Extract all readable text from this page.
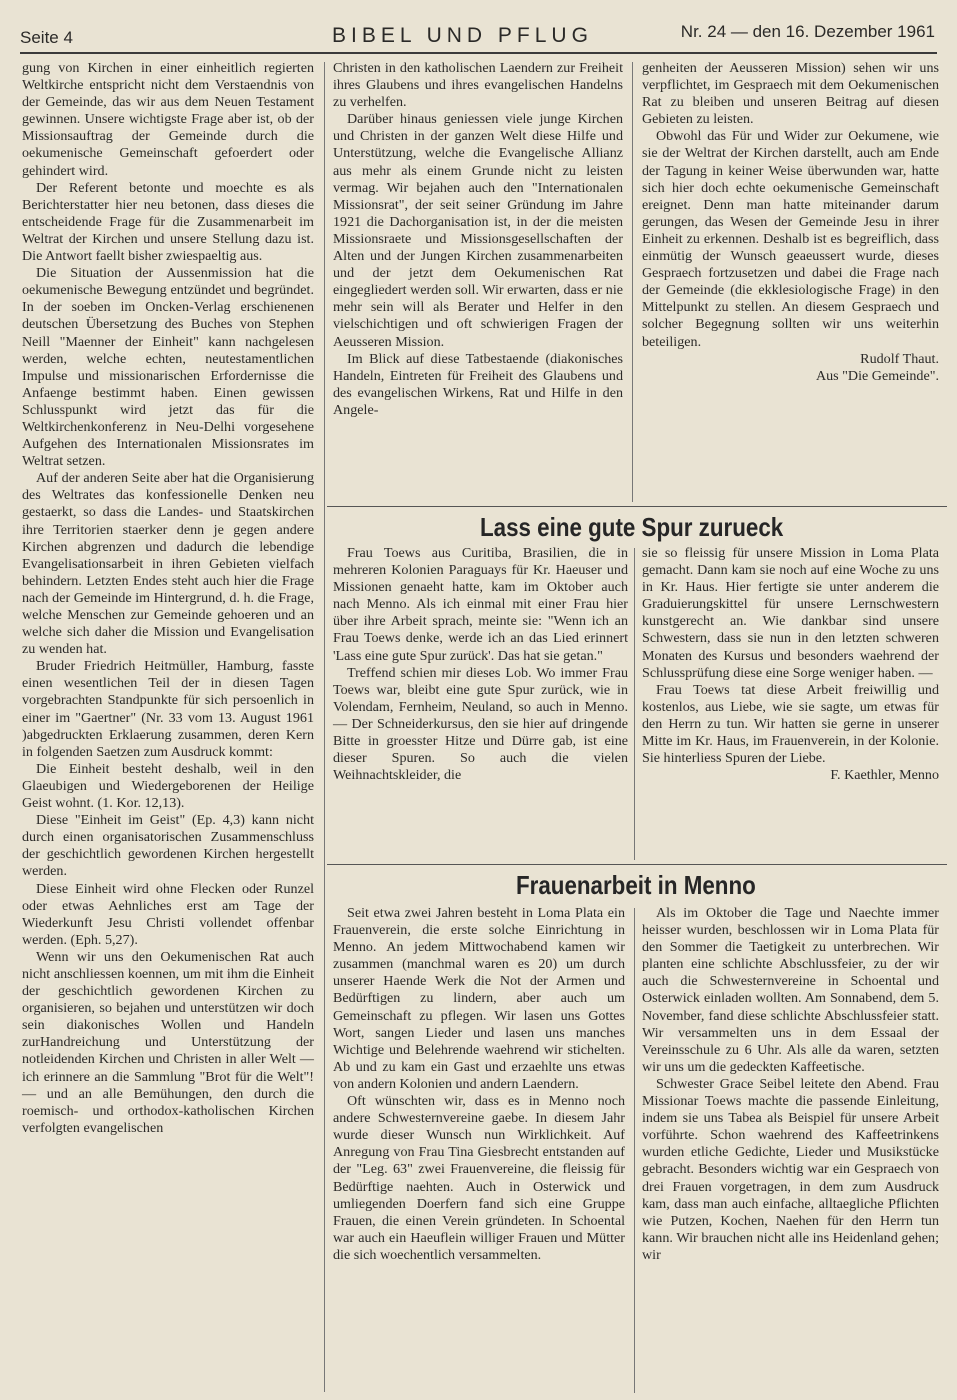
Seite 4	BIBEL UND PFLUG	Nr. 24 — den 16. Dezember 1961

gung von Kirchen in einer einheitlich regierten Weltkirche entspricht nicht dem Verstaendnis von der Gemeinde, das wir aus dem Neuen Testament gewinnen. Unsere wichtigste Frage aber ist, ob der Missionsauftrag der Gemeinde durch die oekumenische Gemeinschaft gefoerdert oder gehindert wird.

Der Referent betonte und moechte es als Berichterstatter hier neu betonen, dass dieses die entscheidende Frage für die Zusammenarbeit im Weltrat der Kirchen und unsere Stellung dazu ist. Die Antwort faellt bisher zwiespaeltig aus.

Die Situation der Aussenmission hat die oekumenische Bewegung entzündet und begründet. In der soeben im Oncken-Verlag erschienenen deutschen Übersetzung des Buches von Stephen Neill "Maenner der Einheit" kann nachgelesen werden, welche echten, neutestamentlichen Impulse und missionarischen Erfordernisse die Anfaenge bestimmt haben. Einen gewissen Schlusspunkt wird jetzt das für die Weltkirchenkonferenz in Neu-Delhi vorgesehene Aufgehen des Internationalen Missionsrates im Weltrat setzen.

Auf der anderen Seite aber hat die Organisierung des Weltrates das konfessionelle Denken neu gestaerkt, so dass die Landes- und Staatskirchen ihre Territorien staerker denn je gegen andere Kirchen abgrenzen und dadurch die lebendige Evangelisationsarbeit in ihren Gebieten vielfach behindern. Letzten Endes steht auch hier die Frage nach der Gemeinde im Hintergrund, d. h. die Frage, welche Menschen zur Gemeinde gehoeren und an welche sich daher die Mission und Evangelisation zu wenden hat.

Bruder Friedrich Heitmüller, Hamburg, fasste einen wesentlichen Teil der in diesen Tagen vorgebrachten Standpunkte für sich persoenlich in einer im "Gaertner" (Nr. 33 vom 13. August 1961 )abgedruckten Erklaerung zusammen, deren Kern in folgenden Saetzen zum Ausdruck kommt:

Die Einheit besteht deshalb, weil in den Glaeubigen und Wiedergeborenen der Heilige Geist wohnt. (1. Kor. 12,13).

Diese "Einheit im Geist" (Ep. 4,3) kann nicht durch einen organisatorischen Zusammenschluss der geschichtlich gewordenen Kirchen hergestellt werden.

Diese Einheit wird ohne Flecken oder Runzel oder etwas Aehnliches erst am Tage der Wiederkunft Jesu Christi vollendet offenbar werden. (Eph. 5,27).

Wenn wir uns den Oekumenischen Rat auch nicht anschliessen koennen, um mit ihm die Einheit der geschichtlich gewordenen Kirchen zu organisieren, so bejahen und unterstützen wir doch sein diakonisches Wollen und Handeln zurHandreichung und Unterstützung der notleidenden Kirchen und Christen in aller Welt — ich erinnere an die Sammlung "Brot für die Welt"! — und an alle Bemühungen, den durch die roemisch- und orthodox-katholischen Kirchen verfolgten evangelischen

Christen in den katholischen Laendern zur Freiheit ihres Glaubens und ihres evangelischen Handelns zu verhelfen.

Darüber hinaus geniessen viele junge Kirchen und Christen in der ganzen Welt diese Hilfe und Unterstützung, welche die Evangelische Allianz aus mehr als einem Grunde nicht zu leisten vermag. Wir bejahen auch den "Internationalen Missionsrat", der seit seiner Gründung im Jahre 1921 die Dachorganisation ist, in der die meisten Missionsraete und Missionsgesellschaften der Alten und der Jungen Kirchen zusammenarbeiten und der jetzt dem Oekumenischen Rat eingegliedert werden soll. Wir erwarten, dass er nie mehr sein will als Berater und Helfer in den vielschichtigen und oft schwierigen Fragen der Aeusseren Mission.

Im Blick auf diese Tatbestaende (diakonisches Handeln, Eintreten für Freiheit des Glaubens und des evangelischen Wirkens, Rat und Hilfe in den Angele-

genheiten der Aeusseren Mission) sehen wir uns verpflichtet, im Gespraech mit dem Oekumenischen Rat zu bleiben und unseren Beitrag auf diesen Gebieten zu leisten.

Obwohl das Für und Wider zur Oekumene, wie sie der Weltrat der Kirchen darstellt, auch am Ende der Tagung in keiner Weise überwunden war, hatte sich hier doch echte oekumenische Gemeinschaft ereignet. Denn man hatte miteinander darum gerungen, das Wesen der Gemeinde Jesu in ihrer Einheit zu erkennen. Deshalb ist es begreiflich, dass einmütig der Wunsch geaeussert wurde, dieses Gespraech fortzusetzen und dabei die Frage nach der Gemeinde (die ekklesiologische Frage) in den Mittelpunkt zu stellen. An diesem Gespraech und solcher Begegnung sollten wir uns weiterhin beteiligen.

Rudolf Thaut.

Aus "Die Gemeinde".

Lass eine gute Spur zurueck

Frau Toews aus Curitiba, Brasilien, die in mehreren Kolonien Paraguays für Kr. Haeuser und Missionen genaeht hatte, kam im Oktober auch nach Menno. Als ich einmal mit einer Frau hier über ihre Arbeit sprach, meinte sie: "Wenn ich an Frau Toews denke, werde ich an das Lied erinnert 'Lass eine gute Spur zurück'. Das hat sie getan."

Treffend schien mir dieses Lob. Wo immer Frau Toews war, bleibt eine gute Spur zurück, wie in Volendam, Fernheim, Neuland, so auch in Menno. — Der Schneiderkursus, den sie hier auf dringende Bitte in groesster Hitze und Dürre gab, ist eine dieser Spuren. So auch die vielen Weihnachtskleider, die

sie so fleissig für unsere Mission in Loma Plata gemacht. Dann kam sie noch auf eine Woche zu uns in Kr. Haus. Hier fertigte sie unter anderem die Graduierungskittel für unsere Lernschwestern kunstgerecht an. Wie dankbar sind unsere Schwestern, dass sie nun in den letzten schweren Monaten des Kursus und besonders waehrend der Schlussprüfung diese eine Sorge weniger haben. —

Frau Toews tat diese Arbeit freiwillig und kostenlos, aus Liebe, wie sie sagte, um etwas für den Herrn zu tun. Wir hatten sie gerne in unserer Mitte im Kr. Haus, im Frauenverein, in der Kolonie. Sie hinterliess Spuren der Liebe.

F. Kaethler, Menno

Frauenarbeit in Menno

Seit etwa zwei Jahren besteht in Loma Plata ein Frauenverein, die erste solche Einrichtung in Menno. An jedem Mittwochabend kamen wir zusammen (manchmal waren es 20) um durch unserer Haende Werk die Not der Armen und Bedürftigen zu lindern, aber auch um Gemeinschaft zu pflegen. Wir lasen uns Gottes Wort, sangen Lieder und lasen uns manches Wichtige und Belehrende waehrend wir stichelten. Ab und zu kam ein Gast und erzaehlte uns etwas von andern Kolonien und andern Laendern.

Oft wünschten wir, dass es in Menno noch andere Schwesternvereine gaebe. In diesem Jahr wurde dieser Wunsch nun Wirklichkeit. Auf Anregung von Frau Tina Giesbrecht entstanden auf der "Leg. 63" zwei Frauenvereine, die fleissig für Bedürftige naehten. Auch in Osterwick und umliegenden Doerfern fand sich eine Gruppe Frauen, die einen Verein gründeten. In Schoental war auch ein Haeuflein williger Frauen und Mütter die sich woechentlich versammelten.

Als im Oktober die Tage und Naechte immer heisser wurden, beschlossen wir in Loma Plata für den Sommer die Taetigkeit zu unterbrechen. Wir planten eine schlichte Abschlussfeier, zu der wir auch die Schwesternvereine in Schoental und Osterwick einladen wollten. Am Sonnabend, dem 5. November, fand diese schlichte Abschlussfeier statt. Wir versammelten uns in dem Essaal der Vereinsschule zu 6 Uhr. Als alle da waren, setzten wir uns um die gedeckten Kaffeetische.

Schwester Grace Seibel leitete den Abend. Frau Missionar Toews machte die passende Einleitung, indem sie uns Tabea als Beispiel für unsere Arbeit vorführte. Schon waehrend des Kaffeetrinkens wurden etliche Gedichte, Lieder und Musikstücke gebracht. Besonders wichtig war ein Gespraech von drei Frauen vorgetragen, in dem zum Ausdruck kam, dass man auch einfache, alltaegliche Pflichten wie Putzen, Kochen, Naehen für den Herrn tun kann. Wir brauchen nicht alle ins Heidenland gehen; wir
